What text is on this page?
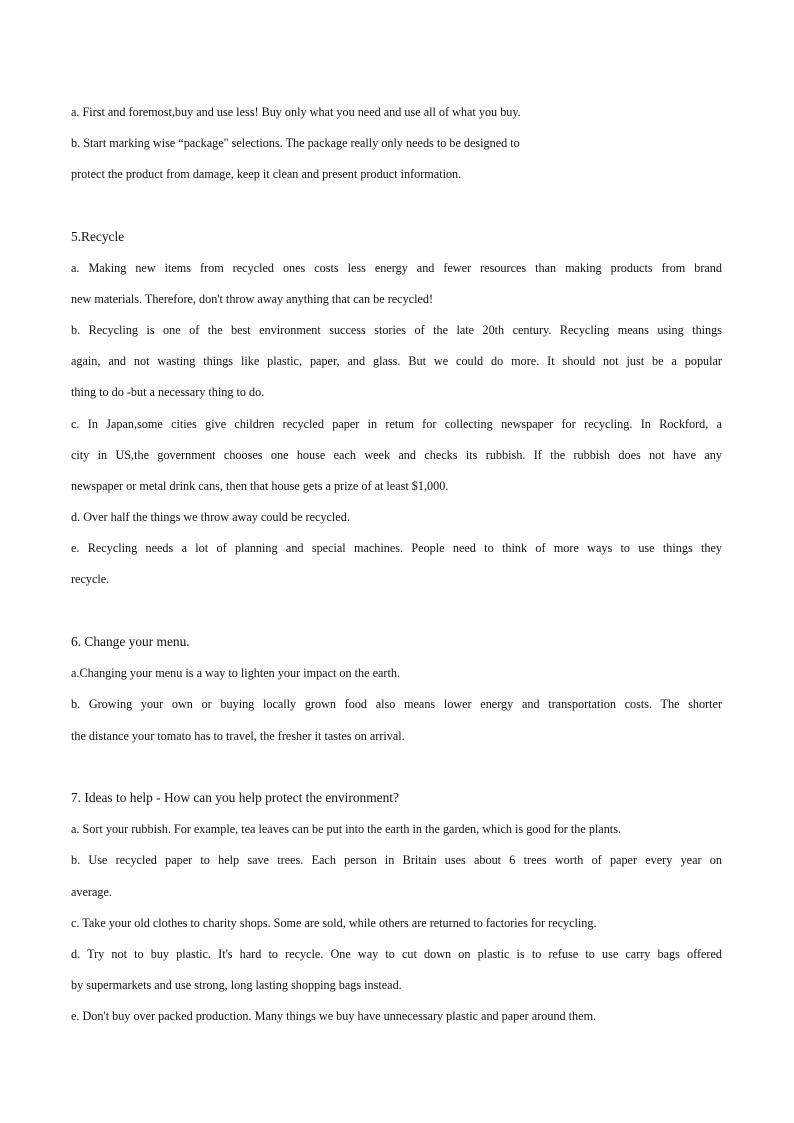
a. First and foremost,buy and use less! Buy only what you need and use all of what you buy.
b. Start marking wise “package" selections. The package really only needs to be designed to
protect the product from damage, keep it clean and present product information.
5.Recycle
a. Making new items from recycled ones costs less energy and fewer resources than making products from brand
new materials. Therefore, don't throw away anything that can be recycled!
b. Recycling is one of the best environment success stories of the late 20th century. Recycling means using things
again, and not wasting things like plastic, paper, and glass. But we could do more. It should not just be a popular
thing to do -but a necessary thing to do.
c. In Japan,some cities give children recycled paper in retum for collecting newspaper for recycling. In Rockford, a
city in US,the government chooses one house each week and checks its rubbish. If the rubbish does not have any
newspaper or metal drink cans, then that house gets a prize of at least $1,000.
d. Over half the things we throw away could be recycled.
e. Recycling needs a lot of planning and special machines. People need to think of more ways to use things they
recycle.
6. Change your menu.
a.Changing your menu is a way to lighten your impact on the earth.
b. Growing your own or buying locally grown food also means lower energy and transportation costs. The shorter
the distance your tomato has to travel, the fresher it tastes on arrival.
7. Ideas to help - How can you help protect the environment?
a. Sort your rubbish. For example, tea leaves can be put into the earth in the garden, which is good for the plants.
b. Use recycled paper to help save trees. Each person in Britain uses about 6 trees worth of paper every year on
average.
c. Take your old clothes to charity shops. Some are sold, while others are returned to factories for recycling.
d. Try not to buy plastic. It's hard to recycle. One way to cut down on plastic is to refuse to use carry bags offered
by supermarkets and use strong, long lasting shopping bags instead.
e. Don't buy over packed production. Many things we buy have unnecessary plastic and paper around them.
